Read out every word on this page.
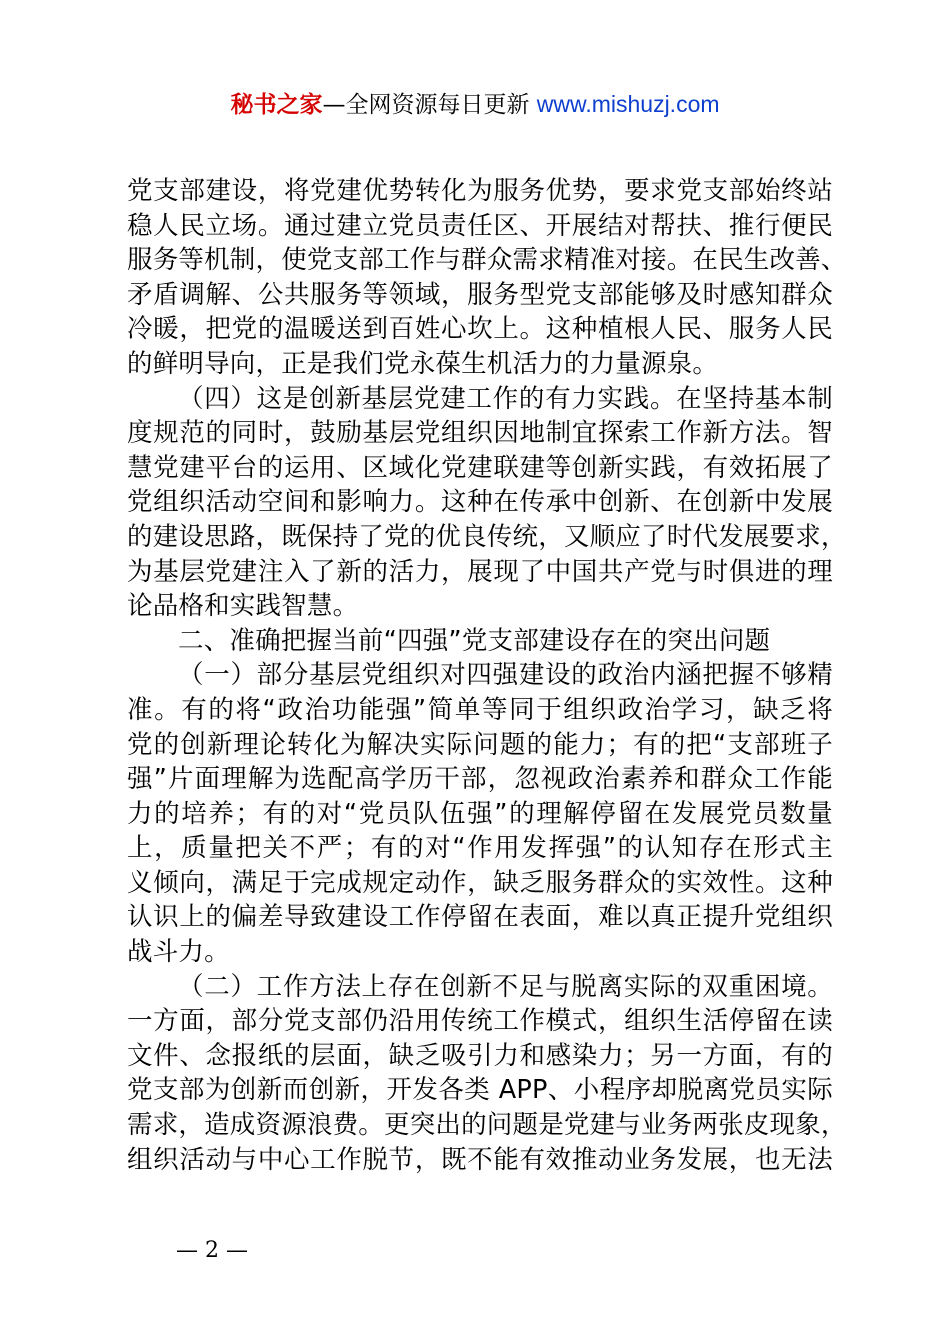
秘书之家—全网资源每日更新 www.mishuzj.com
党支部建设，将党建优势转化为服务优势，要求党支部始终站
稳人民立场。通过建立党员责任区、开展结对帮扶、推行便民
服务等机制，使党支部工作与群众需求精准对接。在民生改善、
矛盾调解、公共服务等领域，服务型党支部能够及时感知群众
冷暖，把党的温暖送到百姓心坎上。这种植根人民、服务人民
的鲜明导向，正是我们党永葆生机活力的力量源泉。
（四）这是创新基层党建工作的有力实践。在坚持基本制
度规范的同时，鼓励基层党组织因地制宜探索工作新方法。智
慧党建平台的运用、区域化党建联建等创新实践，有效拓展了
党组织活动空间和影响力。这种在传承中创新、在创新中发展
的建设思路，既保持了党的优良传统，又顺应了时代发展要求，
为基层党建注入了新的活力，展现了中国共产党与时俱进的理
论品格和实践智慧。
二、准确把握当前“四强”党支部建设存在的突出问题
（一）部分基层党组织对四强建设的政治内涵把握不够精
准。有的将“政治功能强”简单等同于组织政治学习，缺乏将
党的创新理论转化为解决实际问题的能力；有的把“支部班子
强”片面理解为选配高学历干部，忽视政治素养和群众工作能
力的培养；有的对“党员队伍强”的理解停留在发展党员数量
上，质量把关不严；有的对“作用发挥强”的认知存在形式主
义倾向，满足于完成规定动作，缺乏服务群众的实效性。这种
认识上的偏差导致建设工作停留在表面，难以真正提升党组织
战斗力。
（二）工作方法上存在创新不足与脱离实际的双重困境。
一方面，部分党支部仍沿用传统工作模式，组织生活停留在读
文件、念报纸的层面，缺乏吸引力和感染力；另一方面，有的
党支部为创新而创新，开发各类 APP、小程序却脱离党员实际
需求，造成资源浪费。更突出的问题是党建与业务两张皮现象，
组织活动与中心工作脱节，既不能有效推动业务发展，也无法
— 2 —
